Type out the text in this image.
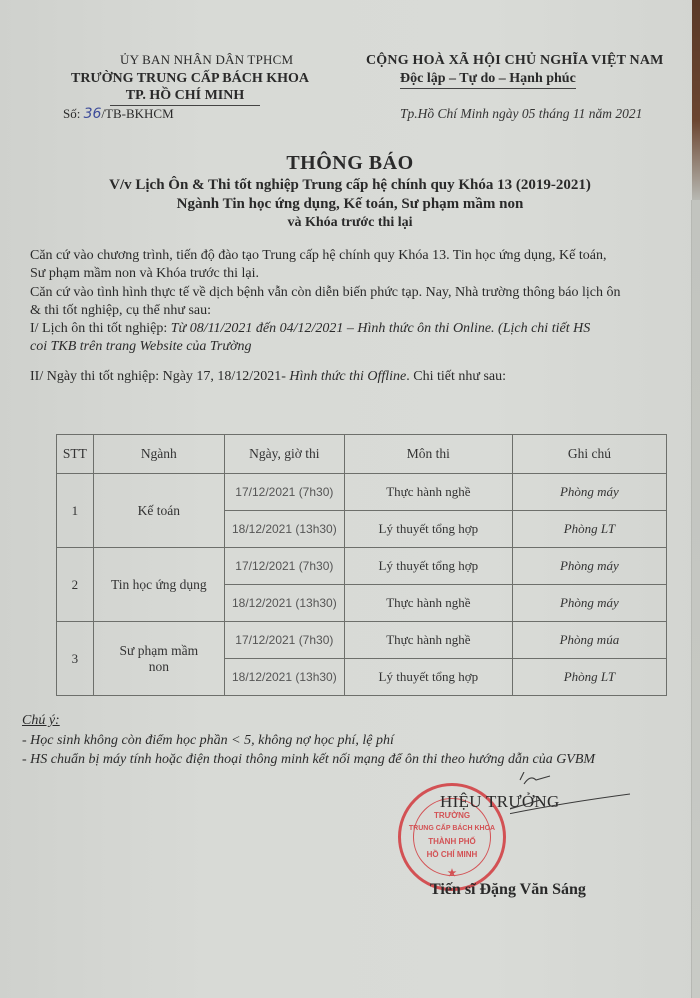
ỦY BAN NHÂN DÂN TPHCM
TRƯỜNG TRUNG CẤP BÁCH KHOA
TP. HỒ CHÍ MINH
Số: 36/TB-BKHCM
CỘNG HOÀ XÃ HỘI CHỦ NGHĨA VIỆT NAM
Độc lập – Tự do – Hạnh phúc
Tp.Hồ Chí Minh ngày 05 tháng 11 năm 2021
THÔNG BÁO
V/v Lịch Ôn & Thi tốt nghiệp Trung cấp hệ chính quy Khóa 13 (2019-2021)
Ngành Tin học ứng dụng, Kế toán, Sư phạm mầm non
và Khóa trước thi lại
Căn cứ vào chương trình, tiến độ đào tạo Trung cấp hệ chính quy Khóa 13. Tin học ứng dụng, Kế toán,
Sư phạm mầm non và Khóa trước thi lại.
Căn cứ vào tình hình thực tế về dịch bệnh vẫn còn diễn biến phức tạp. Nay, Nhà trường thông báo lịch ôn
& thi tốt nghiệp, cụ thể như sau:
I/ Lịch ôn thi tốt nghiệp: Từ 08/11/2021 đến 04/12/2021 – Hình thức ôn thi Online. (Lịch chi tiết HS
coi TKB trên trang Website của Trường
II/ Ngày thi tốt nghiệp: Ngày 17, 18/12/2021- Hình thức thi Offline. Chi tiết như sau:
STT	Ngành	Ngày, giờ thi	Môn thi	Ghi chú
1	Kế toán	17/12/2021 (7h30)	Thực hành nghề	Phòng máy
		18/12/2021 (13h30)	Lý thuyết tổng hợp	Phòng LT
2	Tin học ứng dụng	17/12/2021 (7h30)	Lý thuyết tổng hợp	Phòng máy
		18/12/2021 (13h30)	Thực hành nghề	Phòng máy
3	Sư phạm mầm non	17/12/2021 (7h30)	Thực hành nghề	Phòng múa
		18/12/2021 (13h30)	Lý thuyết tổng hợp	Phòng LT
Chú ý:
- Học sinh không còn điểm học phần < 5, không nợ học phí, lệ phí
- HS chuẩn bị máy tính hoặc điện thoại thông minh kết nối mạng để ôn thi theo hướng dẫn của GVBM
TRƯỜNG
TRUNG CẤP BÁCH KHOA
THÀNH PHỐ
HỒ CHÍ MINH
★
HIỆU TRƯỞNG
Tiến sĩ Đặng Văn Sáng
